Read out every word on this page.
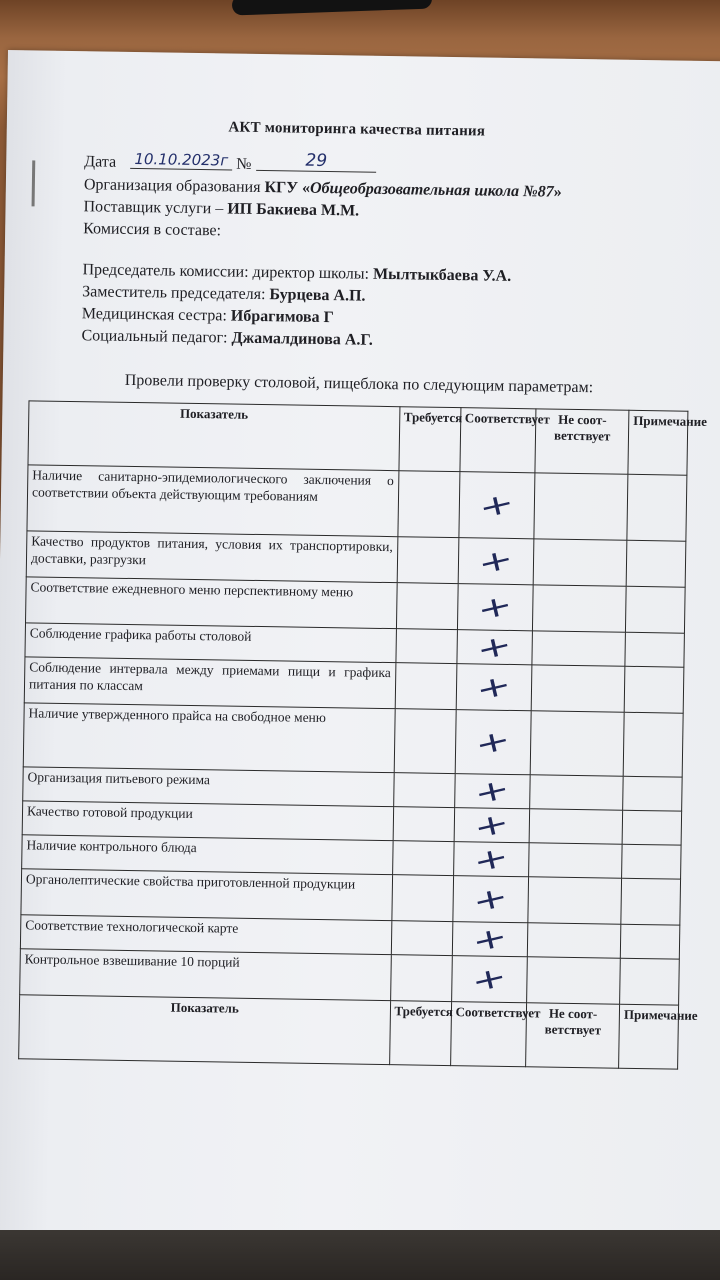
АКТ мониторинга качества питания
Дата 10.10.2023г №	29
Организация образования КГУ «Общеобразовательная школа №87»
Поставщик услуги – ИП Бакиева М.М.
Комиссия в составе:
Председатель комиссии: директор школы: Мылтыкбаева У.А.
Заместитель председателя: Бурцева А.П.
Медицинская сестра: Ибрагимова Г
Социальный педагог: Джамалдинова А.Г.
Провели проверку столовой, пищеблока по следующим параметрам:
Показатель	Требуется	Соответствует	Не соот-ветствует	Примечание
Наличие санитарно-эпидемиологического заключения о соответствии объекта действующим требованиям		+		
Качество продуктов питания, условия их транспортировки, доставки, разгрузки		+		
Соответствие ежедневного меню перспективному меню		+		
Соблюдение графика работы столовой		+		
Соблюдение интервала между приемами пищи и графика питания по классам		+		
Наличие утвержденного прайса на свободное меню		+		
Организация питьевого режима		+		
Качество готовой продукции		+		
Наличие контрольного блюда		+		
Органолептические свойства приготовленной продукции		+		
Соответствие технологической карте		+		
Контрольное взвешивание 10 порций		+		
Показатель	Требуется	Соответствует	Не соот-ветствует	Примечание
